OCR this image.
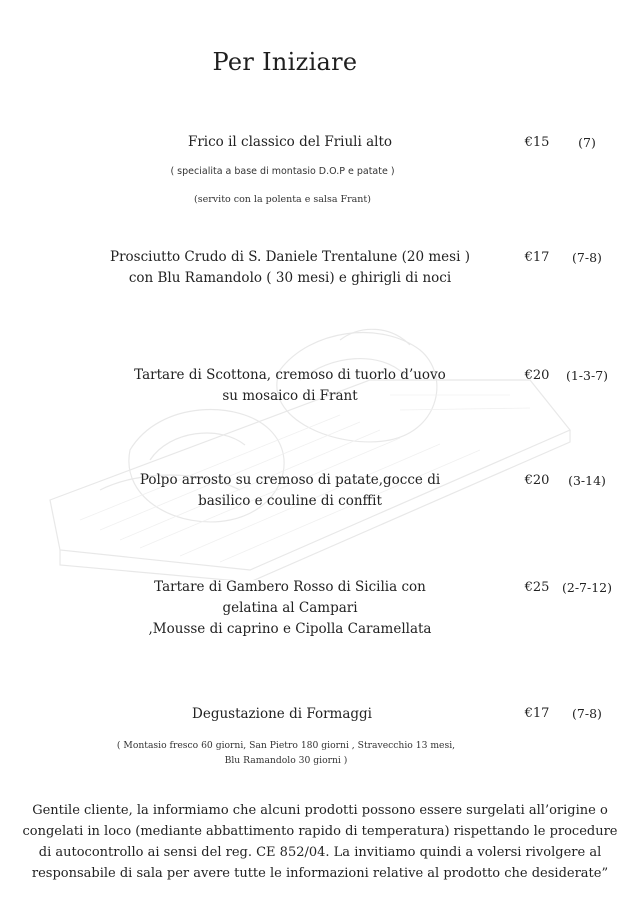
Per Iniziare
Frico il classico del Friuli alto	€15	(7)
( specialita a base di montasio D.O.P e patate )
(servito con la polenta e salsa Frant)
Prosciutto Crudo di S. Daniele Trentalune (20 mesi )
con Blu Ramandolo ( 30 mesi) e ghirigli di noci
€17	(7-8)
Tartare di Scottona, cremoso di tuorlo d’uovo
su mosaico di Frant
€20	(1-3-7)
Polpo arrosto su cremoso di patate,gocce di
basilico e couline di conffit
€20	(3-14)
Tartare di Gambero Rosso di Sicilia con
gelatina al Campari
,Mousse di caprino e Cipolla Caramellata
€25	(2-7-12)
Degustazione di Formaggi	€17	(7-8)
( Montasio fresco 60 giorni, San Pietro 180 giorni , Stravecchio 13 mesi,
Blu Ramandolo 30 giorni )
Gentile cliente, la informiamo che alcuni prodotti possono essere surgelati all’origine o
congelati in loco (mediante abbattimento rapido di temperatura) rispettando le procedure
di autocontrollo ai sensi del reg. CE 852/04. La invitiamo quindi a volersi rivolgere al
responsabile di sala per avere tutte le informazioni relative al prodotto che desiderate”
